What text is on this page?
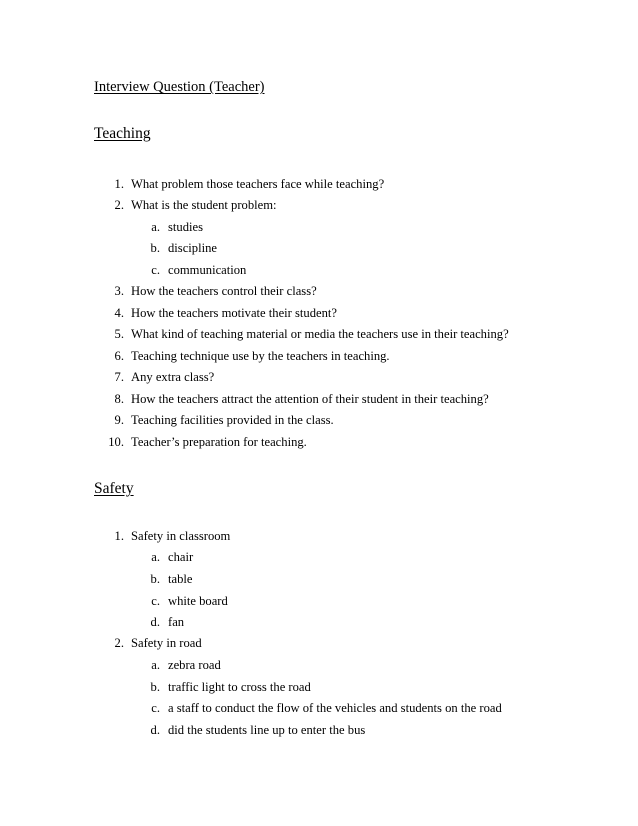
Interview Question (Teacher)
Teaching
1. What problem those teachers face while teaching?
2. What is the student problem:
a. studies
b. discipline
c. communication
3. How the teachers control their class?
4. How the teachers motivate their student?
5. What kind of teaching material or media the teachers use in their teaching?
6. Teaching technique use by the teachers in teaching.
7. Any extra class?
8. How the teachers attract the attention of their student in their teaching?
9. Teaching facilities provided in the class.
10. Teacher’s preparation for teaching.
Safety
1. Safety in classroom
a. chair
b. table
c. white board
d. fan
2. Safety in road
a. zebra road
b. traffic light to cross the road
c. a staff to conduct the flow of the vehicles and students on the road
d. did the students line up to enter the bus
